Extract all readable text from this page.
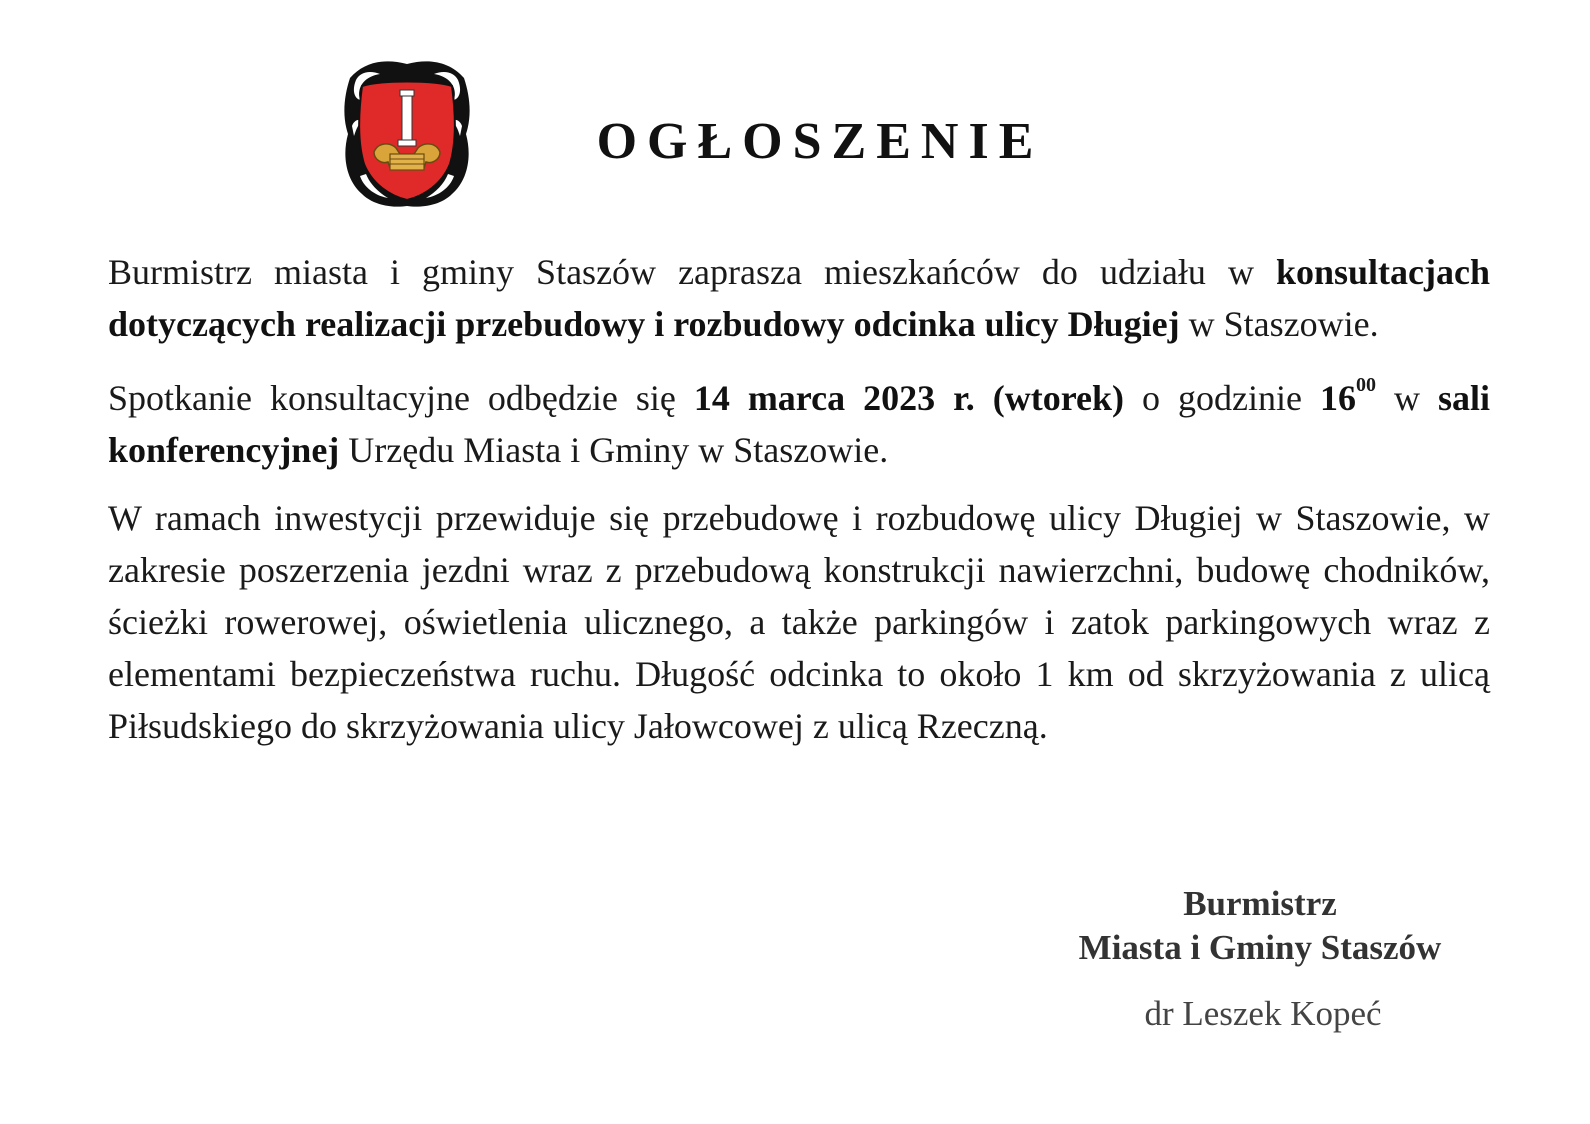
OGŁOSZENIE

Burmistrz miasta i gminy Staszów zaprasza mieszkańców do udziału w konsultacjach dotyczących realizacji przebudowy i rozbudowy odcinka ulicy Długiej w Staszowie.

Spotkanie konsultacyjne odbędzie się 14 marca 2023 r. (wtorek) o godzinie $16^{00}$ w sali konferencyjnej Urzędu Miasta i Gminy w Staszowie.

W ramach inwestycji przewiduje się przebudowę i rozbudowę ulicy Długiej w Staszowie, w zakresie poszerzenia jezdni wraz z przebudową konstrukcji nawierzchni, budowę chodników, ścieżki rowerowej, oświetlenia ulicznego, a także parkingów i zatok parkingowych wraz z elementami bezpieczeństwa ruchu. Długość odcinka to około 1 km od skrzyżowania z ulicą Piłsudskiego do skrzyżowania ulicy Jałowcowej z ulicą Rzeczną.

Burmistrz
Miasta i Gminy Staszów
dr Leszek Kopeć
